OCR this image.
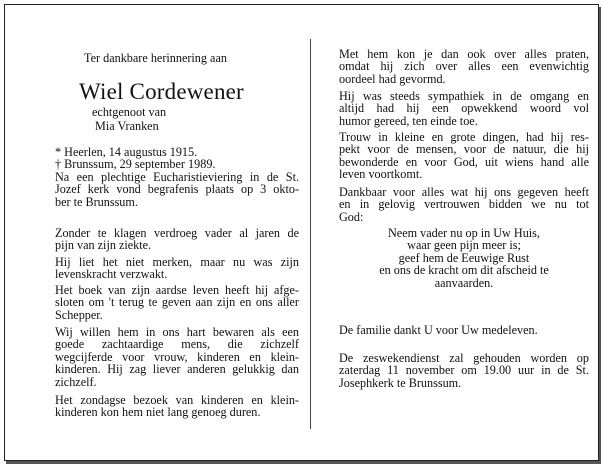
Ter dankbare herinnering aan
Wiel Cordewener
echtgenoot van
Mia Vranken
* Heerlen, 14 augustus 1915.
† Brunssum, 29 september 1989.
Na een plechtige Eucharistieviering in de St.
Jozef kerk vond begrafenis plaats op 3 okto-
ber te Brunssum.
Zonder te klagen verdroeg vader al jaren de
pijn van zijn ziekte.
Hij liet het niet merken, maar nu was zijn
levenskracht verzwakt.
Het boek van zijn aardse leven heeft hij afge-
sloten om 't terug te geven aan zijn en ons aller
Schepper.
Wij willen hem in ons hart bewaren als een
goede zachtaardige mens, die zichzelf
wegcijferde voor vrouw, kinderen en klein-
kinderen. Hij zag liever anderen gelukkig dan
zichzelf.
Het zondagse bezoek van kinderen en klein-
kinderen kon hem niet lang genoeg duren.
Met hem kon je dan ook over alles praten,
omdat hij zich over alles een evenwichtig
oordeel had gevormd.
Hij was steeds sympathiek in de omgang en
altijd had hij een opwekkend woord vol
humor gereed, ten einde toe.
Trouw in kleine en grote dingen, had hij res-
pekt voor de mensen, voor de natuur, die hij
bewonderde en voor God, uit wiens hand alle
leven voortkomt.
Dankbaar voor alles wat hij ons gegeven heeft
en in gelovig vertrouwen bidden we nu tot
God:
Neem vader nu op in Uw Huis,
waar geen pijn meer is;
geef hem de Eeuwige Rust
en ons de kracht om dit afscheid te
aanvaarden.
De familie dankt U voor Uw medeleven.
De zeswekendienst zal gehouden worden op
zaterdag 11 november om 19.00 uur in de St.
Josephkerk te Brunssum.
